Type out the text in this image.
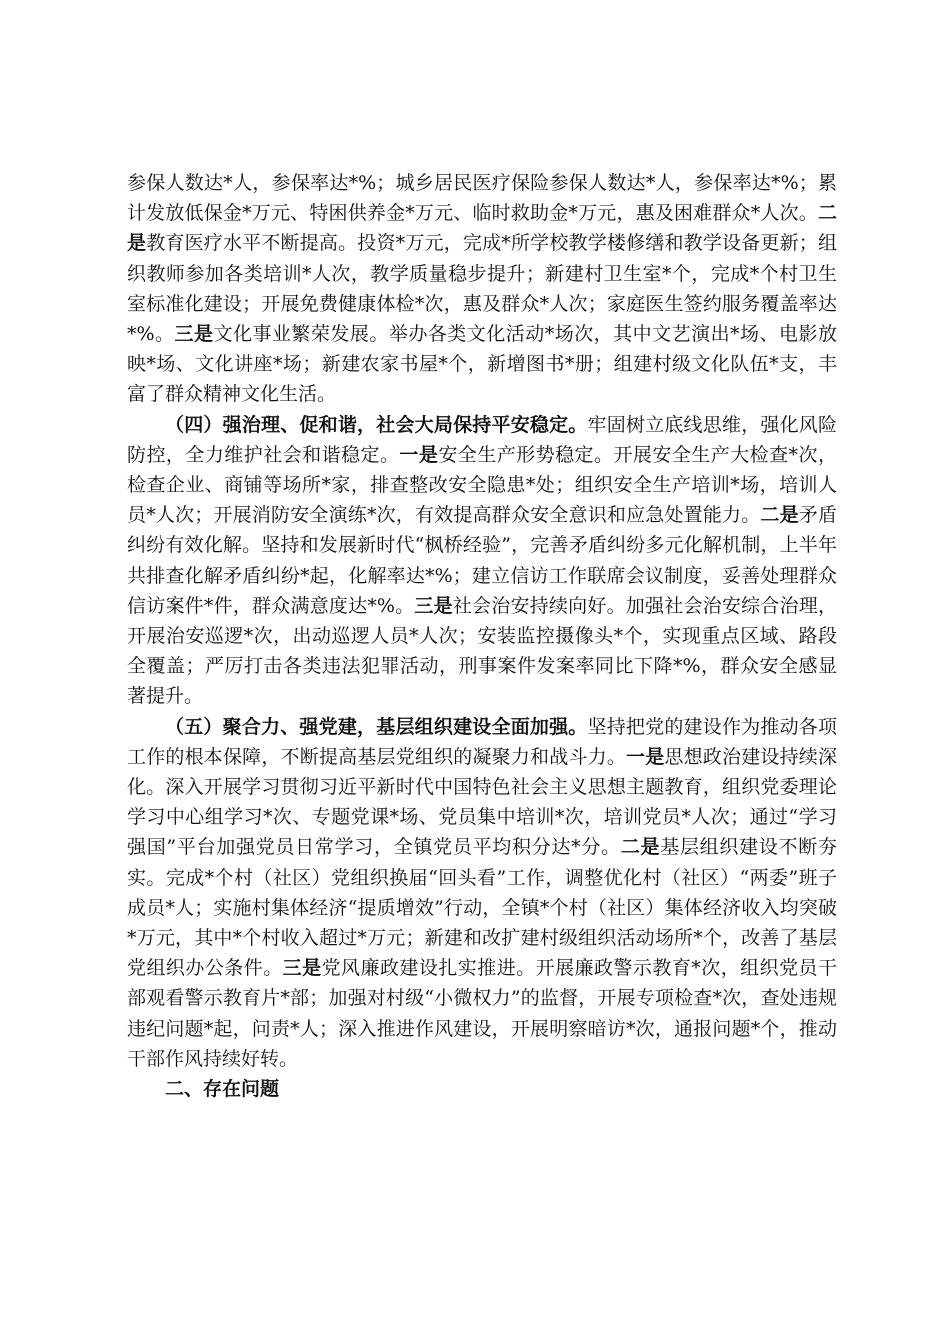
参保人数达*人，参保率达*%；城乡居民医疗保险参保人数达*人，参保率达*%；累计发放低保金*万元、特困供养金*万元、临时救助金*万元，惠及困难群众*人次。二是教育医疗水平不断提高。投资*万元，完成*所学校教学楼修缮和教学设备更新；组织教师参加各类培训*人次，教学质量稳步提升；新建村卫生室*个，完成*个村卫生室标准化建设；开展免费健康体检*次，惠及群众*人次；家庭医生签约服务覆盖率达*%。三是文化事业繁荣发展。举办各类文化活动*场次，其中文艺演出*场、电影放映*场、文化讲座*场；新建农家书屋*个，新增图书*册；组建村级文化队伍*支，丰富了群众精神文化生活。

（四）强治理、促和谐，社会大局保持平安稳定。牢固树立底线思维，强化风险防控，全力维护社会和谐稳定。一是安全生产形势稳定。开展安全生产大检查*次，检查企业、商铺等场所*家，排查整改安全隐患*处；组织安全生产培训*场，培训人员*人次；开展消防安全演练*次，有效提高群众安全意识和应急处置能力。二是矛盾纠纷有效化解。坚持和发展新时代“枫桥经验”，完善矛盾纠纷多元化解机制，上半年共排查化解矛盾纠纷*起，化解率达*%；建立信访工作联席会议制度，妥善处理群众信访案件*件，群众满意度达*%。三是社会治安持续向好。加强社会治安综合治理，开展治安巡逻*次，出动巡逻人员*人次；安装监控摄像头*个，实现重点区域、路段全覆盖；严厉打击各类违法犯罪活动，刑事案件发案率同比下降*%，群众安全感显著提升。

（五）聚合力、强党建，基层组织建设全面加强。坚持把党的建设作为推动各项工作的根本保障，不断提高基层党组织的凝聚力和战斗力。一是思想政治建设持续深化。深入开展学习贯彻习近平新时代中国特色社会主义思想主题教育，组织党委理论学习中心组学习*次、专题党课*场、党员集中培训*次，培训党员*人次；通过“学习强国”平台加强党员日常学习，全镇党员平均积分达*分。二是基层组织建设不断夯实。完成*个村（社区）党组织换届“回头看”工作，调整优化村（社区）“两委”班子成员*人；实施村集体经济“提质增效”行动，全镇*个村（社区）集体经济收入均突破*万元，其中*个村收入超过*万元；新建和改扩建村级组织活动场所*个，改善了基层党组织办公条件。三是党风廉政建设扎实推进。开展廉政警示教育*次，组织党员干部观看警示教育片*部；加强对村级“小微权力”的监督，开展专项检查*次，查处违规违纪问题*起，问责*人；深入推进作风建设，开展明察暗访*次，通报问题*个，推动干部作风持续好转。

二、存在问题
